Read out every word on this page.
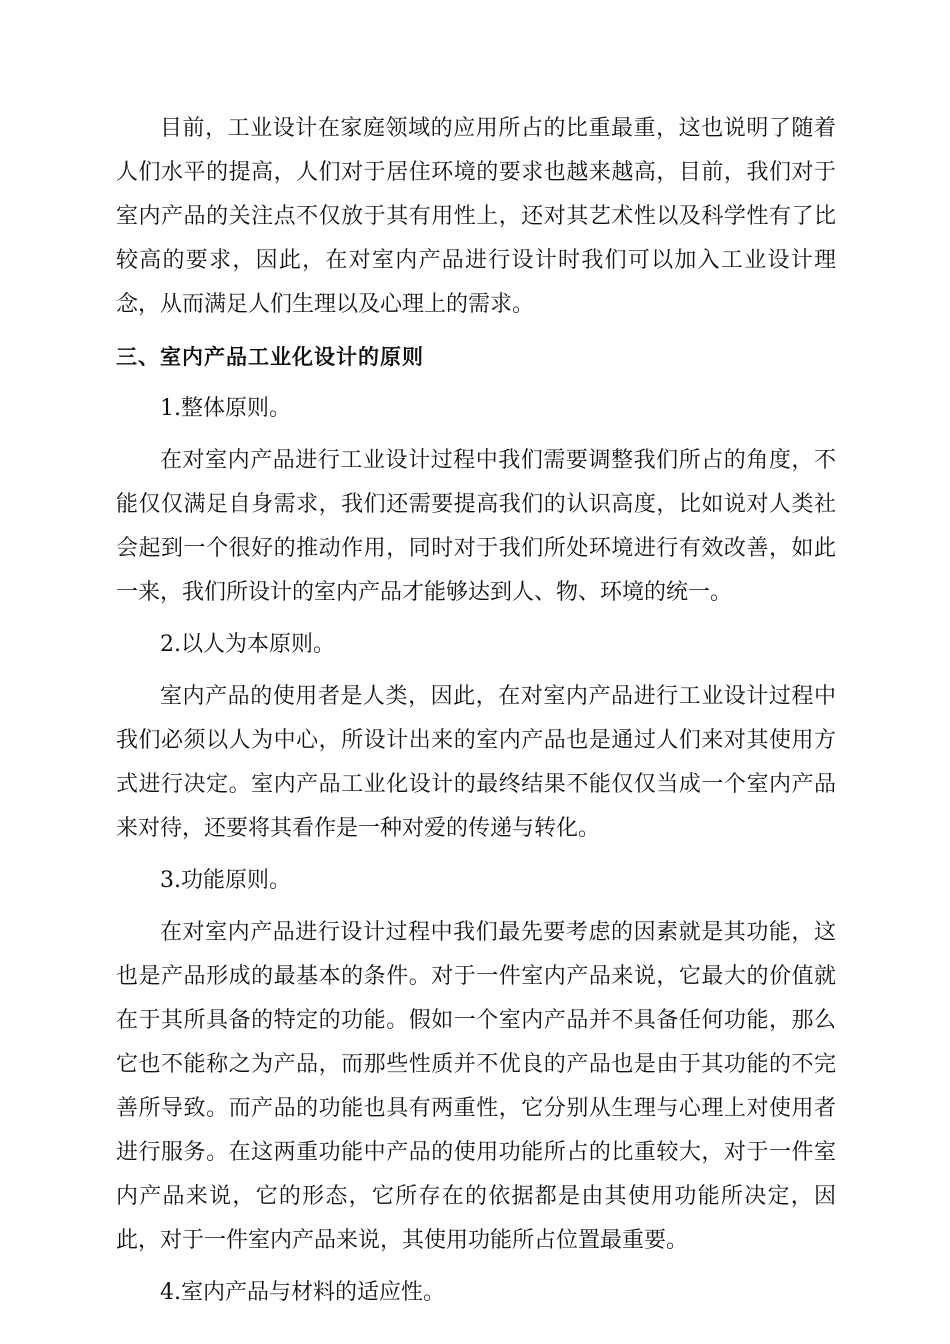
目前，工业设计在家庭领域的应用所占的比重最重，这也说明了随着人们水平的提高，人们对于居住环境的要求也越来越高，目前，我们对于室内产品的关注点不仅放于其有用性上，还对其艺术性以及科学性有了比较高的要求，因此，在对室内产品进行设计时我们可以加入工业设计理念，从而满足人们生理以及心理上的需求。

三、室内产品工业化设计的原则

1.整体原则。

在对室内产品进行工业设计过程中我们需要调整我们所占的角度，不能仅仅满足自身需求，我们还需要提高我们的认识高度，比如说对人类社会起到一个很好的推动作用，同时对于我们所处环境进行有效改善，如此一来，我们所设计的室内产品才能够达到人、物、环境的统一。

2.以人为本原则。

室内产品的使用者是人类，因此，在对室内产品进行工业设计过程中我们必须以人为中心，所设计出来的室内产品也是通过人们来对其使用方式进行决定。室内产品工业化设计的最终结果不能仅仅当成一个室内产品来对待，还要将其看作是一种对爱的传递与转化。

3.功能原则。

在对室内产品进行设计过程中我们最先要考虑的因素就是其功能，这也是产品形成的最基本的条件。对于一件室内产品来说，它最大的价值就在于其所具备的特定的功能。假如一个室内产品并不具备任何功能，那么它也不能称之为产品，而那些性质并不优良的产品也是由于其功能的不完善所导致。而产品的功能也具有两重性，它分别从生理与心理上对使用者进行服务。在这两重功能中产品的使用功能所占的比重较大，对于一件室内产品来说，它的形态，它所存在的依据都是由其使用功能所决定，因此，对于一件室内产品来说，其使用功能所占位置最重要。

4.室内产品与材料的适应性。
